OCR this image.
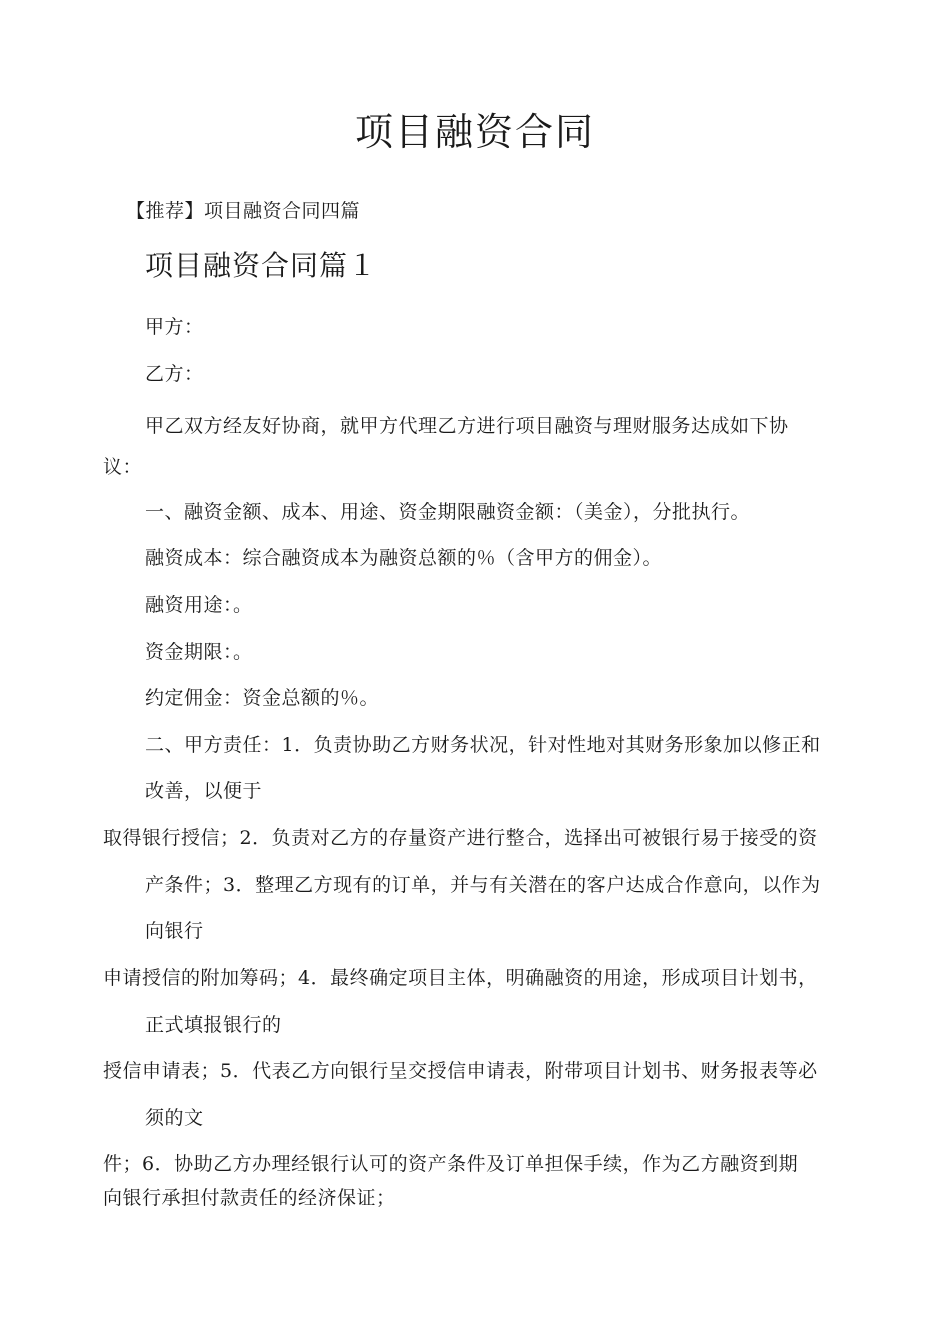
项目融资合同
【推荐】项目融资合同四篇
项目融资合同篇１
甲方：
乙方：
甲乙双方经友好协商，就甲方代理乙方进行项目融资与理财服务达成如下协
议：
一、融资金额、成本、用途、资金期限融资金额：（美金），分批执行。
融资成本：综合融资成本为融资总额的％（含甲方的佣金）。
融资用途：。
资金期限：。
约定佣金：资金总额的％。
二、甲方责任：1．负责协助乙方财务状况，针对性地对其财务形象加以修正和
改善，以便于
取得银行授信；2．负责对乙方的存量资产进行整合，选择出可被银行易于接受的资
产条件；3．整理乙方现有的订单，并与有关潜在的客户达成合作意向，以作为
向银行
申请授信的附加筹码；4．最终确定项目主体，明确融资的用途，形成项目计划书，
正式填报银行的
授信申请表；5．代表乙方向银行呈交授信申请表，附带项目计划书、财务报表等必
须的文
件；6．协助乙方办理经银行认可的资产条件及订单担保手续，作为乙方融资到期
向银行承担付款责任的经济保证；
